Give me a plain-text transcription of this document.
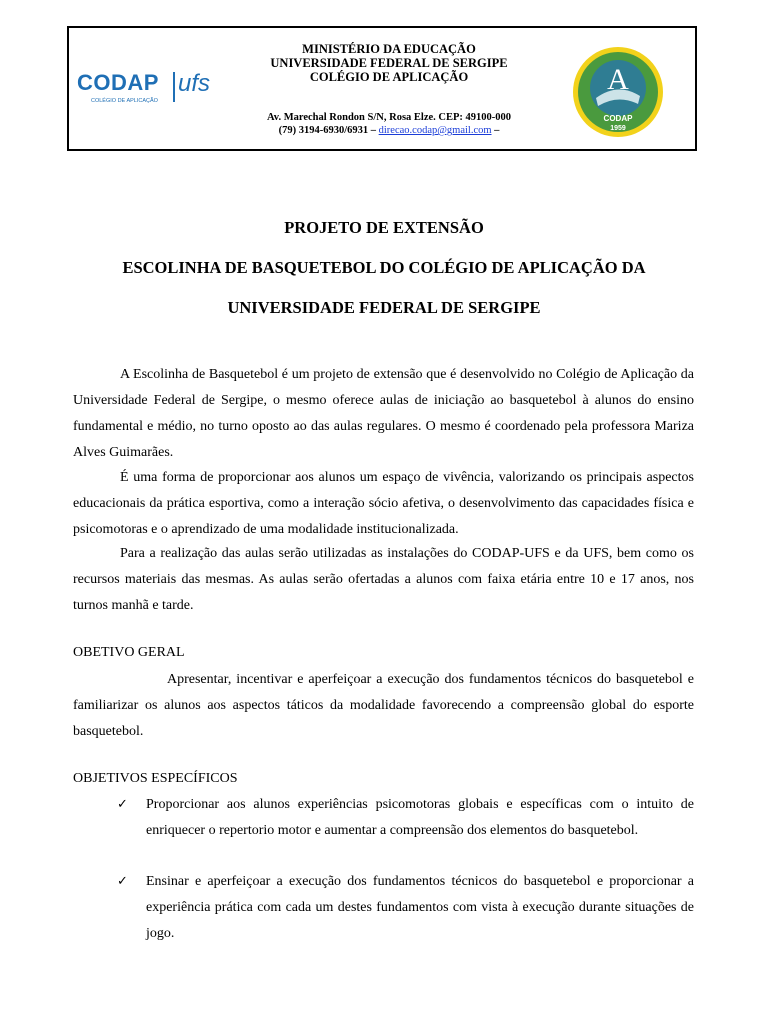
CODAP
COLÉGIO DE APLICAÇÃO
ufs
MINISTÉRIO DA EDUCAÇÃO
UNIVERSIDADE FEDERAL DE SERGIPE
COLÉGIO DE APLICAÇÃO
Av. Marechal Rondon S/N, Rosa Elze. CEP: 49100-000
(79) 3194-6930/6931 – direcao.codap@gmail.com –
A
CODAP
1959
PROJETO DE EXTENSÃO
ESCOLINHA DE BASQUETEBOL DO COLÉGIO DE APLICAÇÃO DA
UNIVERSIDADE FEDERAL DE SERGIPE

A Escolinha de Basquetebol é um projeto de extensão que é desenvolvido no Colégio de Aplicação da Universidade Federal de Sergipe, o mesmo oferece aulas de iniciação ao basquetebol à alunos do ensino fundamental e médio, no turno oposto ao das aulas regulares. O mesmo é coordenado pela professora Mariza Alves Guimarães.

É uma forma de proporcionar aos alunos um espaço de vivência, valorizando os principais aspectos educacionais da prática esportiva, como a interação sócio afetiva, o desenvolvimento das capacidades física e psicomotoras e o aprendizado de uma modalidade institucionalizada.

Para a realização das aulas serão utilizadas as instalações do CODAP-UFS e da UFS, bem como os recursos materiais das mesmas. As aulas serão ofertadas a alunos com faixa etária entre 10 e 17 anos, nos turnos manhã e tarde.

OBETIVO GERAL

Apresentar, incentivar e aperfeiçoar a execução dos fundamentos técnicos do basquetebol e familiarizar os alunos aos aspectos táticos da modalidade favorecendo a compreensão global do esporte basquetebol.

OBJETIVOS ESPECÍFICOS
✓	Proporcionar aos alunos experiências psicomotoras globais e específicas com o intuito de enriquecer o repertorio motor e aumentar a compreensão dos elementos do basquetebol.
✓	Ensinar e aperfeiçoar a execução dos fundamentos técnicos do basquetebol e proporcionar a experiência prática com cada um destes fundamentos com vista à execução durante situações de jogo.
